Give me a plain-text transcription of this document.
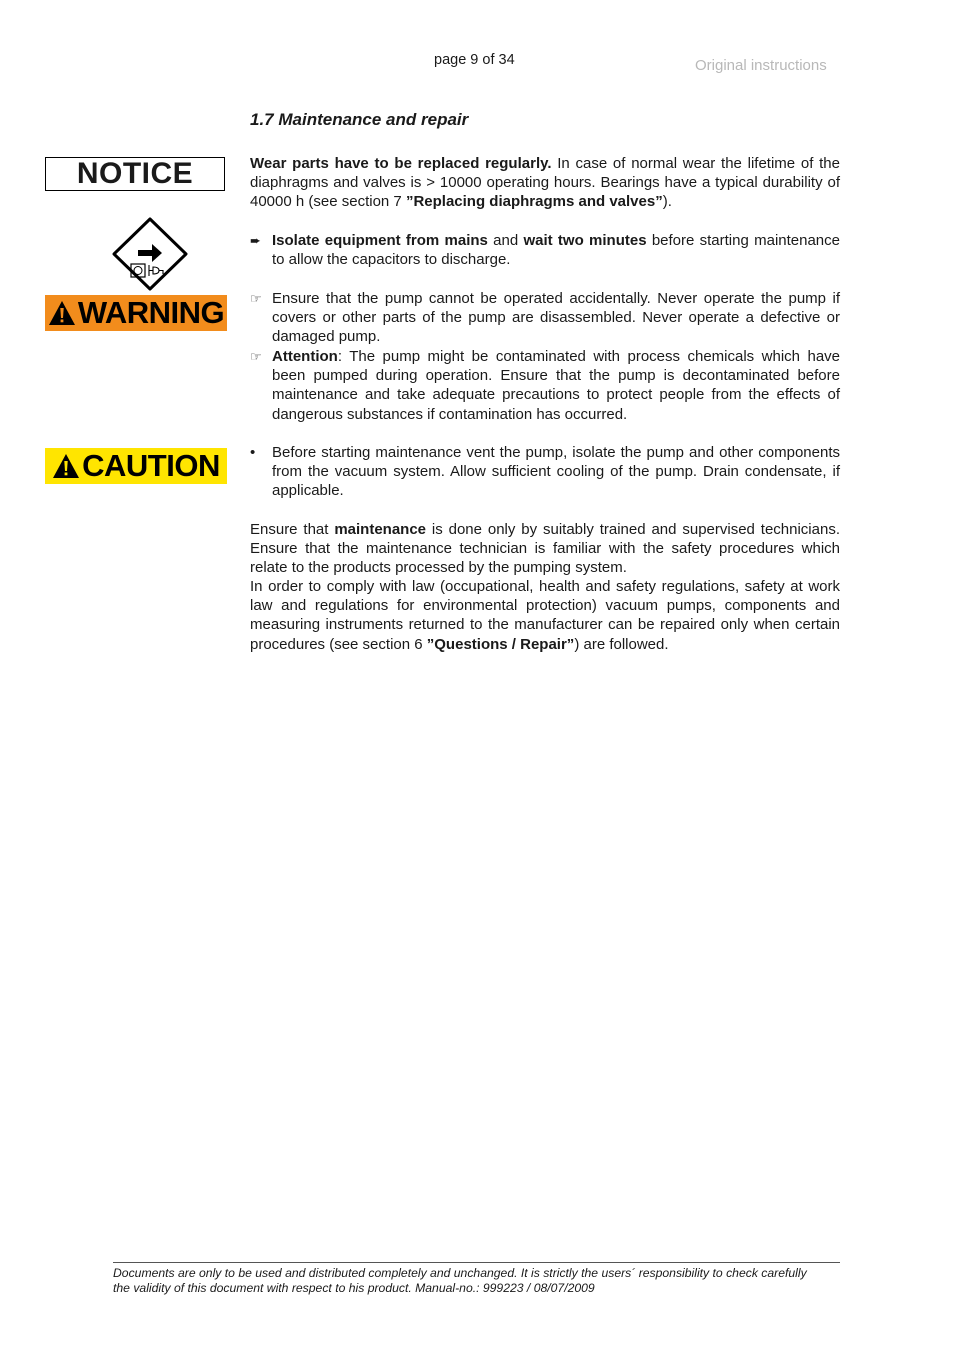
page 9 of 34	Original instructions
1.7 Maintenance and repair
NOTICE
WARNING
CAUTION
Wear parts have to be replaced regularly. In case of normal wear the lifetime of the diaphragms and valves is > 10000 operating hours. Bearings have a typical durability of 40000 h (see section 7 ”Replacing diaphragms and valves”).
➨ Isolate equipment from mains and wait two minutes before starting maintenance to allow the capacitors to discharge.
☞ Ensure that the pump cannot be operated accidentally. Never operate the pump if covers or other parts of the pump are disassembled. Never operate a defective or damaged pump.
☞ Attention: The pump might be contaminated with process chemicals which have been pumped during operation. Ensure that the pump is decontaminated before maintenance and take adequate precautions to protect people from the effects of dangerous substances if contamination has occurred.
•	Before starting maintenance vent the pump, isolate the pump and other components from the vacuum system. Allow sufficient cooling of the pump. Drain condensate, if applicable.
Ensure that maintenance is done only by suitably trained and supervised technicians. Ensure that the maintenance technician is familiar with the safety procedures which relate to the products processed by the pumping system.
In order to comply with law (occupational, health and safety regulations, safety at work law and regulations for environmental protection) vacuum pumps, components and measuring instruments returned to the manufacturer can be repaired only when certain procedures (see section 6 ”Questions / Repair”) are followed.
Documents are only to be used and distributed completely and unchanged. It is strictly the users´ responsibility to check carefully
the validity of this document with respect to his product. Manual-no.: 999223 / 08/07/2009
